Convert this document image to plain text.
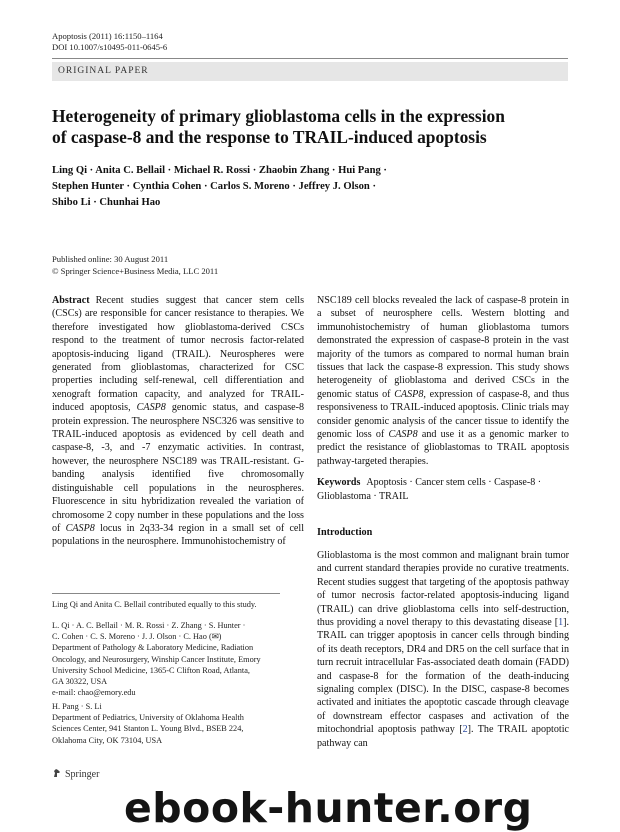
Apoptosis (2011) 16:1150–1164
DOI 10.1007/s10495-011-0645-6
ORIGINAL PAPER
Heterogeneity of primary glioblastoma cells in the expression
of caspase-8 and the response to TRAIL-induced apoptosis
Ling Qi · Anita C. Bellail · Michael R. Rossi · Zhaobin Zhang · Hui Pang ·
Stephen Hunter · Cynthia Cohen · Carlos S. Moreno · Jeffrey J. Olson ·
Shibo Li · Chunhai Hao
Published online: 30 August 2011
© Springer Science+Business Media, LLC 2011
Abstract Recent studies suggest that cancer stem cells (CSCs) are responsible for cancer resistance to therapies. We therefore investigated how glioblastoma-derived CSCs respond to the treatment of tumor necrosis factor-related apoptosis-inducing ligand (TRAIL). Neurospheres were generated from glioblastomas, characterized for CSC properties including self-renewal, cell differentiation and xenograft formation capacity, and analyzed for TRAIL-induced apoptosis, CASP8 genomic status, and caspase-8 protein expression. The neurosphere NSC326 was sensitive to TRAIL-induced apoptosis as evidenced by cell death and caspase-8, -3, and -7 enzymatic activities. In contrast, however, the neurosphere NSC189 was TRAIL-resistant. G-banding analysis identified five chromosomally distinguishable cell populations in the neurospheres. Fluorescence in situ hybridization revealed the variation of chromosome 2 copy number in these populations and the loss of CASP8 locus in 2q33-34 region in a small set of cell populations in the neurosphere. Immunohistochemistry of
NSC189 cell blocks revealed the lack of caspase-8 protein in a subset of neurosphere cells. Western blotting and immunohistochemistry of human glioblastoma tumors demonstrated the expression of caspase-8 protein in the vast majority of the tumors as compared to normal human brain tissues that lack the caspase-8 expression. This study shows heterogeneity of glioblastoma and derived CSCs in the genomic status of CASP8, expression of caspase-8, and thus responsiveness to TRAIL-induced apoptosis. Clinic trials may consider genomic analysis of the cancer tissue to identify the genomic loss of CASP8 and use it as a genomic marker to predict the resistance of glioblastomas to TRAIL apoptosis pathway-targeted therapies.
Keywords Apoptosis · Cancer stem cells · Caspase-8 · Glioblastoma · TRAIL
Introduction
Glioblastoma is the most common and malignant brain tumor and current standard therapies provide no curative treatments. Recent studies suggest that targeting of the apoptosis pathway of tumor necrosis factor-related apoptosis-inducing ligand (TRAIL) can drive glioblastoma cells into self-destruction, thus providing a novel therapy to this devastating disease [1]. TRAIL can trigger apoptosis in cancer cells through binding of its death receptors, DR4 and DR5 on the cell surface that in turn recruit intracellular Fas-associated death domain (FADD) and caspase-8 for the formation of the death-inducing signaling complex (DISC). In the DISC, caspase-8 becomes activated and initiates the apoptotic cascade through cleavage of downstream effector caspases and activation of the mitochondrial apoptosis pathway [2]. The TRAIL apoptotic pathway can
Ling Qi and Anita C. Bellail contributed equally to this study.
L. Qi · A. C. Bellail · M. R. Rossi · Z. Zhang · S. Hunter ·
C. Cohen · C. S. Moreno · J. J. Olson · C. Hao (✉)
Department of Pathology & Laboratory Medicine, Radiation
Oncology, and Neurosurgery, Winship Cancer Institute, Emory
University School Medicine, 1365-C Clifton Road, Atlanta,
GA 30322, USA
e-mail: chao@emory.edu
H. Pang · S. Li
Department of Pediatrics, University of Oklahoma Health
Sciences Center, 941 Stanton L. Young Blvd., BSEB 224,
Oklahoma City, OK 73104, USA
Springer
ebook-hunter.org
